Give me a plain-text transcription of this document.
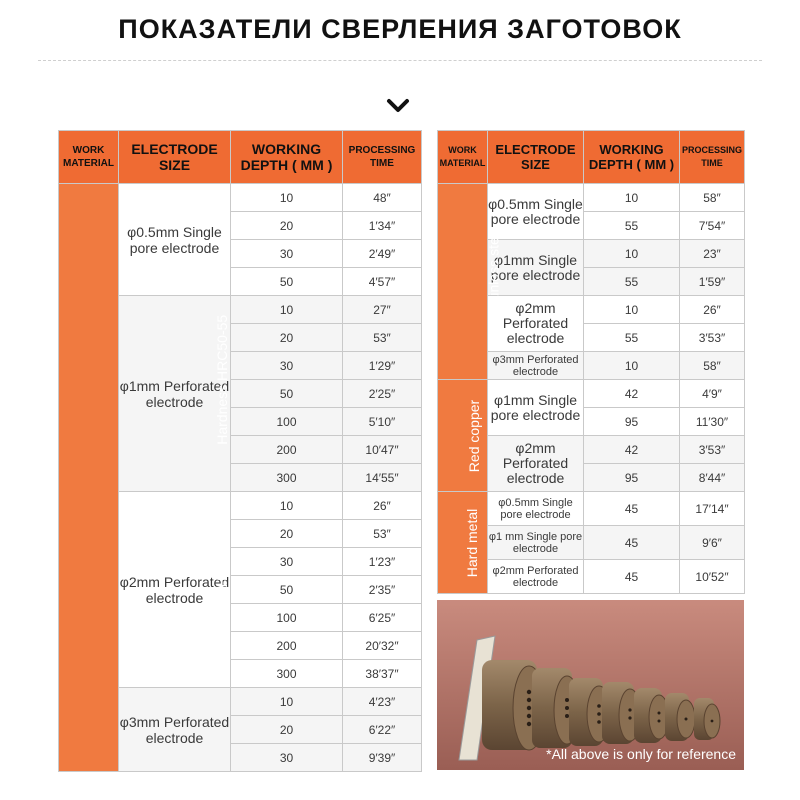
ПОКАЗАТЕЛИ СВЕРЛЕНИЯ ЗАГОТОВОК
WORK MATERIAL	ELECTRODE SIZE	WORKING DEPTH ( MM )	PROCESSING TIME
42CrMo Hardened steel  Hardness HRC50-55	φ0.5mm Single pore electrode	10	48″
		20	1′34″
		30	2′49″
		50	4′57″
	φ1mm Perforated electrode	10	27″
		20	53″
		30	1′29″
		50	2′25″
		100	5′10″
		200	10′47″
		300	14′55″
	φ2mm Perforated electrode	10	26″
		20	53″
		30	1′23″
		50	2′35″
		100	6′25″
		200	20′32″
		300	38′37″
	φ3mm Perforated electrode	10	4′23″
		20	6′22″
		30	9′39″
WORK MATERIAL	ELECTRODE SIZE	WORKING DEPTH ( MM )	PROCESSING TIME
304stainless steel	φ0.5mm Single pore electrode	10	58″
		55	7′54″
	φ1mm Single pore electrode	10	23″
		55	1′59″
	φ2mm Perforated electrode	10	26″
		55	3′53″
	φ3mm Perforated electrode	10	58″
Red copper	φ1mm Single pore electrode	42	4′9″
		95	11′30″
	φ2mm Perforated electrode	42	3′53″
		95	8′44″
Hard metal	φ0.5mm Single pore electrode	45	17′14″
	φ1 mm Single pore electrode	45	9′6″
	φ2mm Perforated electrode	45	10′52″
*All above is only for reference
